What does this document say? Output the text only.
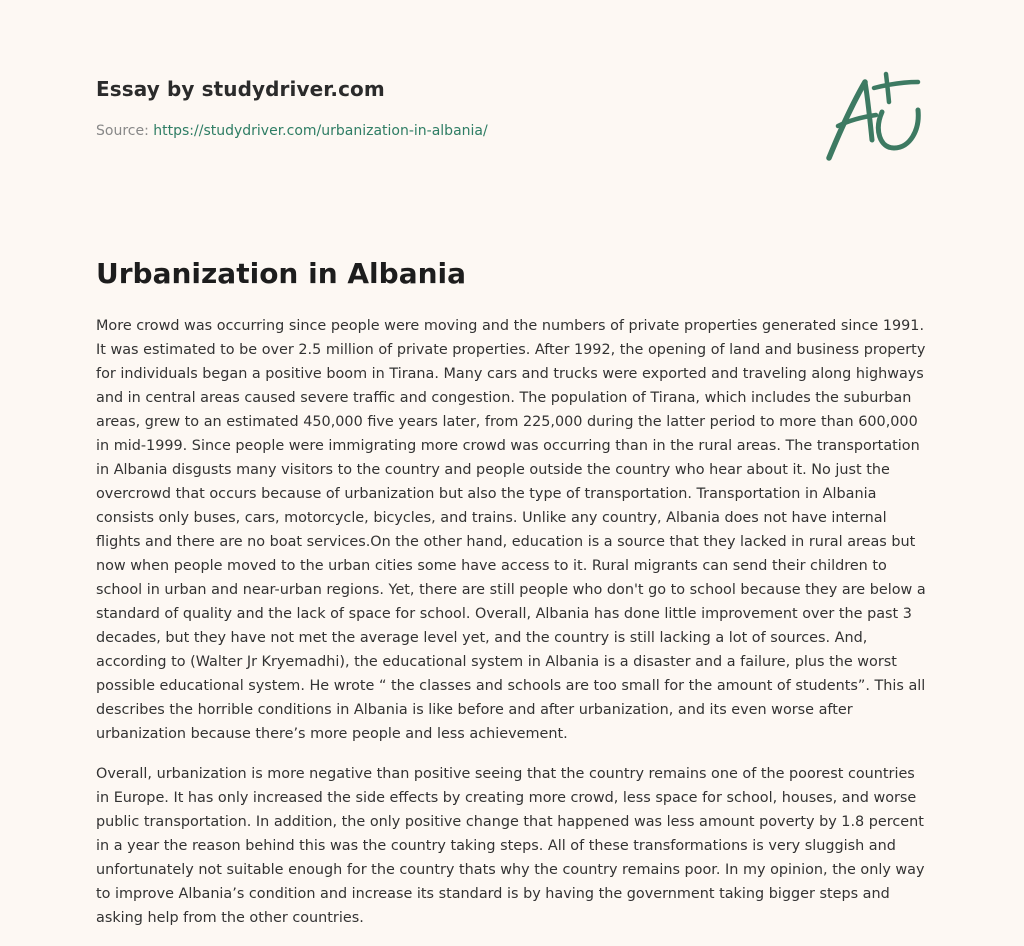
Essay by studydriver.com
Source: https://studydriver.com/urbanization-in-albania/
Urbanization in Albania

More crowd was occurring since people were moving and the numbers of private properties generated since 1991. It was estimated to be over 2.5 million of private properties. After 1992, the opening of land and business property for individuals began a positive boom in Tirana. Many cars and trucks were exported and traveling along highways and in central areas caused severe traffic and congestion. The population of Tirana, which includes the suburban areas, grew to an estimated 450,000 five years later, from 225,000 during the latter period to more than 600,000 in mid-1999. Since people were immigrating more crowd was occurring than in the rural areas. The transportation in Albania disgusts many visitors to the country and people outside the country who hear about it. No just the overcrowd that occurs because of urbanization but also the type of transportation. Transportation in Albania consists only buses, cars, motorcycle, bicycles, and trains. Unlike any country, Albania does not have internal flights and there are no boat services.On the other hand, education is a source that they lacked in rural areas but now when people moved to the urban cities some have access to it. Rural migrants can send their children to school in urban and near-urban regions. Yet, there are still people who don't go to school because they are below a standard of quality and the lack of space for school. Overall, Albania has done little improvement over the past 3 decades, but they have not met the average level yet, and the country is still lacking a lot of sources. And, according to (Walter Jr Kryemadhi), the educational system in Albania is a disaster and a failure, plus the worst possible educational system. He wrote “ the classes and schools are too small for the amount of students”. This all describes the horrible conditions in Albania is like before and after urbanization, and its even worse after urbanization because there’s more people and less achievement.

Overall, urbanization is more negative than positive seeing that the country remains one of the poorest countries in Europe. It has only increased the side effects by creating more crowd, less space for school, houses, and worse public transportation. In addition, the only positive change that happened was less amount poverty by 1.8 percent in a year the reason behind this was the country taking steps. All of these transformations is very sluggish and unfortunately not suitable enough for the country thats why the country remains poor. In my opinion, the only way to improve Albania’s condition and increase its standard is by having the government taking bigger steps and asking help from the other countries.
